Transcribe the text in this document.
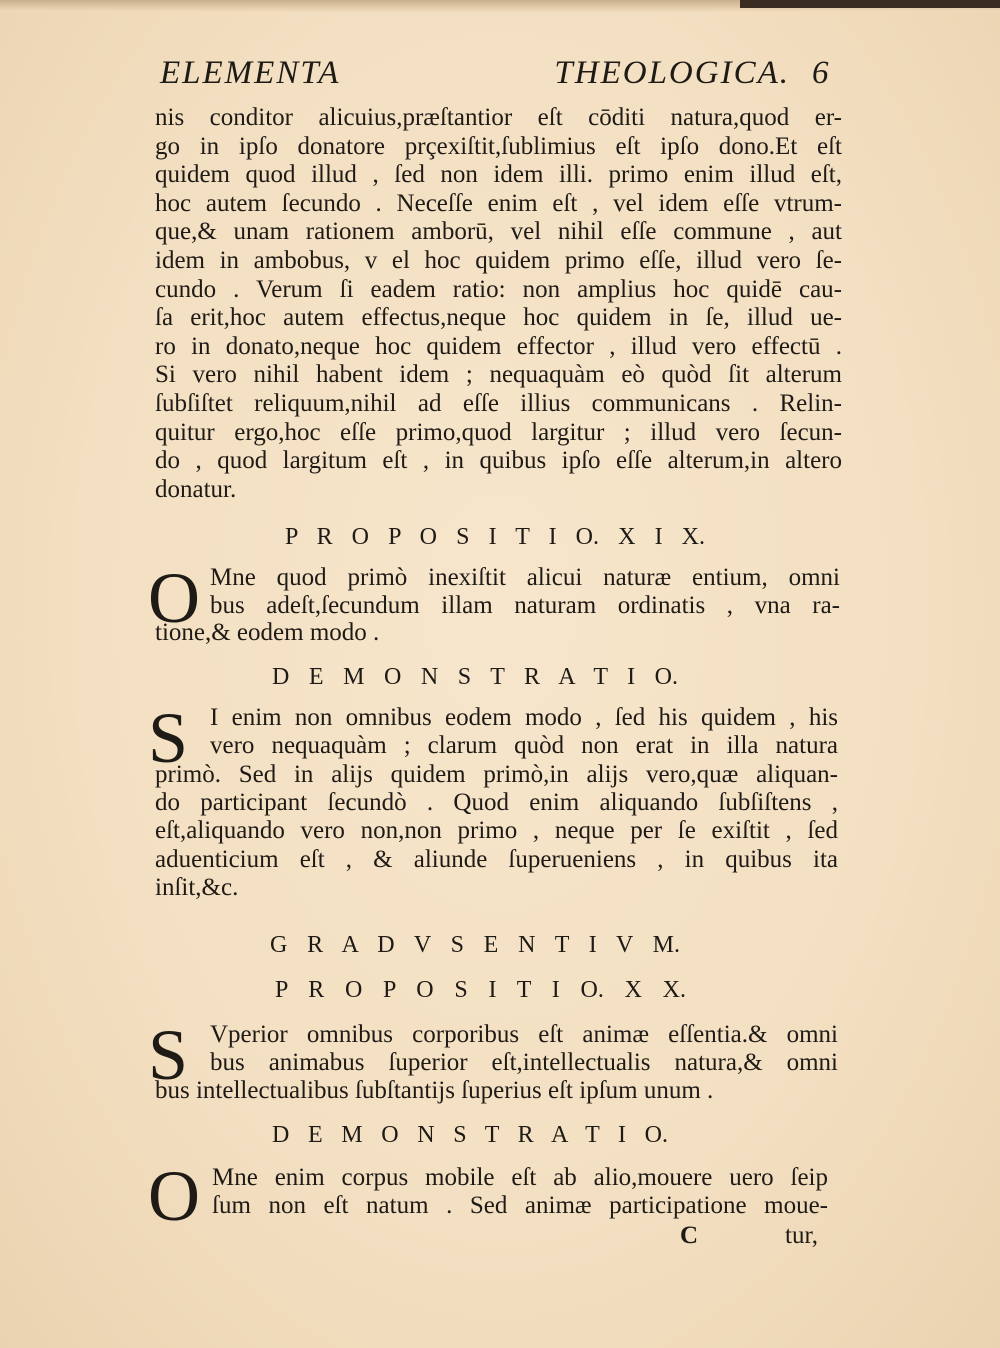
ELEMENTA THEOLOGICA. 6
C	tur,
nis conditor alicuius,præſtantior eſt cōditi natura,quod er-
go in ipſo donatore prçexiſtit,ſublimius eſt ipſo dono.Et eſt
quidem quod illud , ſed non idem illi. primo enim illud eſt,
hoc autem ſecundo . Neceſſe enim eſt , vel idem eſſe vtrum-
que,& unam rationem amborū, vel nihil eſſe commune , aut
idem in ambobus, v el hoc quidem primo eſſe, illud vero ſe-
cundo . Verum ſi eadem ratio: non amplius hoc quidē cau-
ſa erit,hoc autem effectus,neque hoc quidem in ſe, illud ue-
ro in donato,neque hoc quidem effector , illud vero effectū .
Si vero nihil habent idem ; nequaquàm eò quòd ſit alterum
ſubſiſtet reliquum,nihil ad eſſe illius communicans . Relin-
quitur ergo,hoc eſſe primo,quod largitur ; illud vero ſecun-
do , quod largitum eſt , in quibus ipſo eſſe alterum,in altero
donatur.
P R O P O S I T I O. X I X.
O Mne quod primò inexiſtit alicui naturæ entium, omni
bus adeſt,ſecundum illam naturam ordinatis , vna ra-
tione,& eodem modo .
D E M O N S T R A T I O.
S I enim non omnibus eodem modo , ſed his quidem , his
vero nequaquàm ; clarum quòd non erat in illa natura
primò. Sed in alijs quidem primò,in alijs vero,quæ aliquan-
do participant ſecundò . Quod enim aliquando ſubſiſtens ,
eſt,aliquando vero non,non primo , neque per ſe exiſtit , ſed
aduenticium eſt , & aliunde ſuperueniens , in quibus ita
inſit,&c.
G R A D V S E N T I V M.
P R O P O S I T I O. X X.
S Vperior omnibus corporibus eſt animæ eſſentia.& omni
bus animabus ſuperior eſt,intellectualis natura,& omni
bus intellectualibus ſubſtantijs ſuperius eſt ipſum unum .
D E M O N S T R A T I O.
O Mne enim corpus mobile eſt ab alio,mouere uero ſeip
ſum non eſt natum . Sed animæ participatione moue-
